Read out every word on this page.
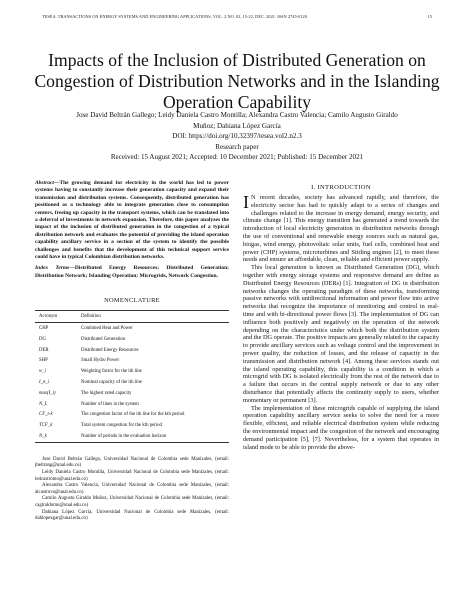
TESEA. TRANSACTIONS ON ENERGY SYSTEMS AND ENGINEERING APPLICATIONS, VOL. 2 NO. 02, 15-22, DEC. 2021. ISSN 2745-0120	15
Impacts of the Inclusion of Distributed Generation on Congestion of Distribution Networks and in the Islanding Operation Capability
Jose David Beltrán Gallego; Leidy Daniela Castro Montilla; Alexandra Castro Valencia; Camilo Augusto Giraldo
Muñoz; Dahiana López García
DOI: https://doi.org/10.32397/tesea.vol2.n2.3
Research paper
Received: 15 August 2021; Accepted: 10 December 2021; Published: 15 December 2021

Abstract—The growing demand for electricity in the world has led to power systems having to constantly increase their generation capacity and expand their transmission and distribution systems. Consequently, distributed generation has positioned as a technology able to integrate generation close to consumption centers, freeing up capacity in the transport systems, which can be translated into a deferral of investments in network expansion. Therefore, this paper analyzes the impact of the inclusion of distributed generation in the congestion of a typical distribution network and evaluates the potential of providing the island operation capability ancillary service in a section of the system to identify the possible challenges and benefits that the development of this technical support service could have in typical Colombian distribution networks.

Index Terms—Distributed Energy Resources; Distributed Generation; Distribution Network; Islanding Operation; Microgrids, Network Congestion.

NOMENCLATURE
Acronym	Definition
CHP	Combined Heat and Power
DG	Distributed Generation
DER	Distributed Energy Resources
SHP	Small Hydro Power
w_i	Weighting factor for the ith line
I_n_i	Nominal capacity of the ith line
max(I_i)	The highest rated capacity
N_L	Number of lines in the system
CF_t-k	The congestion factor of the ith line for the kth period
TCF_k	Total system congestion for the kth period
N_k	Number of periods in the evaluation horizon

Jose David Beltrán Gallego, Universidad Nacional de Colombia sede Manizales, (email: jbeltrang@unal.edu.co)

Leidy Daniela Castro Montilla, Universidad Nacional de Colombia sede Manizales, (email: ledcastromo@unal.edu.co)

Alexandra Castro Valencia, Universidad Nacional de Colombia sede Manizales, (email: alcastrova@unal.edu.co)

Camilo Augusto Giraldo Muñoz, Universidad Nacional de Colombia sede Manizales, (email: cagiraldomu@unal.edu.co)

Dahiana López García, Universidad Nacional de Colombia sede Manizales, (email: dahlopezgar@unal.edu.co)

I. INTRODUCTION

I N recent decades, society has advanced rapidly, and therefore, the electricity sector has had to quickly adapt to a series of changes and challenges related to the increase in energy demand, energy security, and climate change [1]. This energy transition has generated a trend towards the introduction of local electricity generation in distribution networks through the use of conventional and renewable energy sources such as natural gas, biogas, wind energy, photovoltaic solar units, fuel cells, combined heat and power (CHP) systems, microturbines and Stirling engines [2], to meet these needs and ensure an affordable, clean, reliable and efficient power supply.

This local generation is known as Distributed Generation (DG), which together with energy storage systems and responsive demand are define as Distributed Energy Resources (DERs) [1]. Integration of DG in distribution networks changes the operating paradigm of these networks, transforming passive networks with unidirectional information and power flow into active networks that recognize the importance of monitoring and control in real-time and with bi-directional power flows [3]. The implementation of DG can influence both positively and negatively on the operation of the network depending on the characteristics under which both the distribution system and the DG operate. The positive impacts are generally related to the capacity to provide ancillary services such as voltage control and the improvement in power quality, the reduction of losses, and the release of capacity in the transmission and distribution network [4]. Among these services stands out the island operating capability, this capability is a condition in which a microgrid with DG is isolated electrically from the rest of the network due to a failure that occurs in the central supply network or due to any other disturbance that potentially affects the continuity supply to users, whether momentary or permanent [3].

The implementation of these microgrids capable of supplying the island operation capability ancillary service seeks to solve the need for a more flexible, efficient, and reliable electrical distribution system while reducing the environmental impact and the congestion of the network and encouraging demand participation [5], [7]. Nevertheless, for a system that operates in island mode to be able to provide the above-
